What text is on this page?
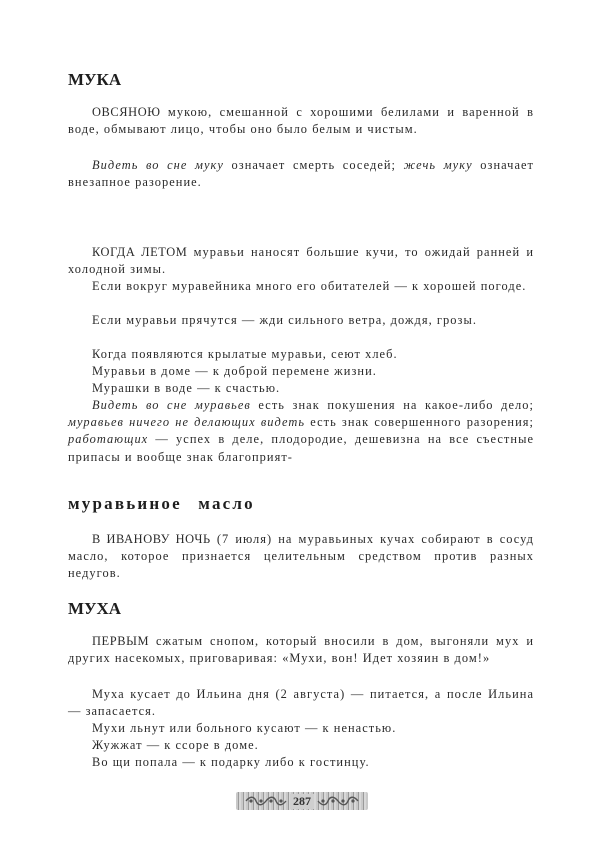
МУКА

ОВСЯНОЮ мукою, смешанной с хорошими белилами и варенной в воде, обмывают лицо, чтобы оно было белым и чистым.

Видеть во сне муку означает смерть соседей; жечь муку означает внезапное разорение.

КОГДА ЛЕТОМ муравьи наносят большие кучи, то ожидай ранней и холодной зимы.

Если вокруг муравейника много его обитателей — к хорошей погоде.

Если муравьи прячутся — жди сильного ветра, дождя, грозы.

Когда появляются крылатые муравьи, сеют хлеб.

Муравьи в доме — к доброй перемене жизни.

Мурашки в воде — к счастью.

Видеть во сне муравьев есть знак покушения на какое-либо дело; муравьев ничего не делающих видеть есть знак совершенного разорения; работающих — успех в деле, плодородие, дешевизна на все съестные припасы и вообще знак благоприят-

муравьиное масло

В ИВАНОВУ НОЧЬ (7 июля) на муравьиных кучах собирают в сосуд масло, которое признается целительным средством против разных недугов.

МУХА

ПЕРВЫМ сжатым снопом, который вносили в дом, выгоняли мух и других насекомых, приговаривая: «Мухи, вон! Идет хозяин в дом!»

Муха кусает до Ильина дня (2 августа) — питается, а после Ильина — запасается.

Мухи льнут или больного кусают — к ненастью.

Жужжат — к ссоре в доме.

Во щи попала — к подарку либо к гостинцу.

287
